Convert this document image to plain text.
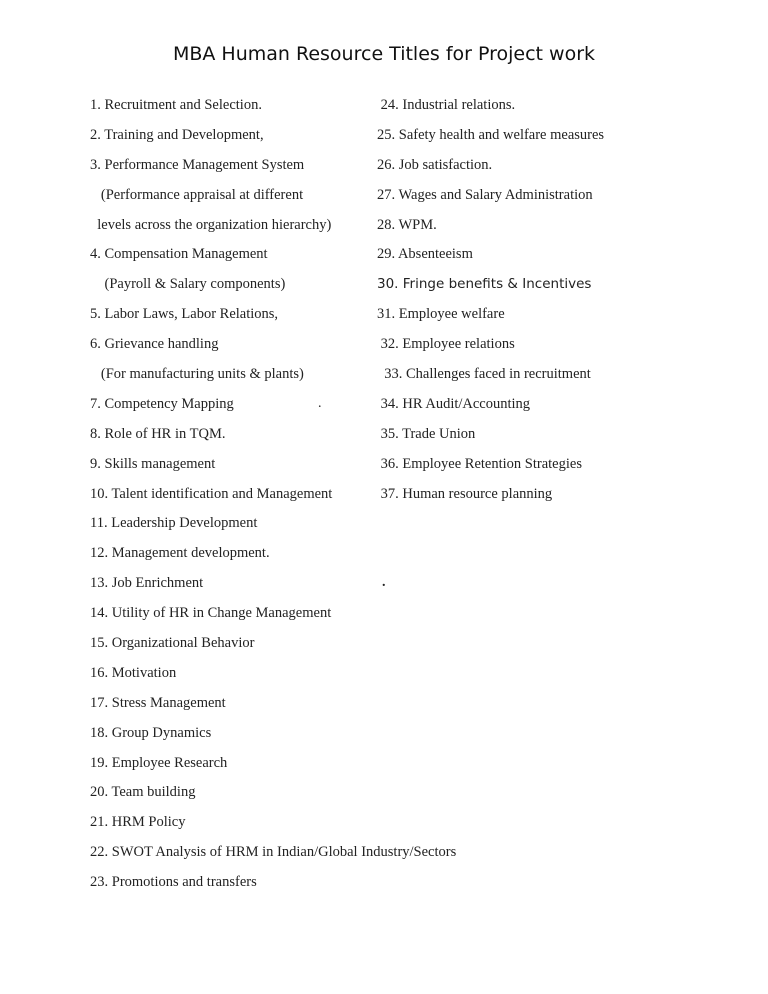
MBA Human Resource Titles for Project work
1. Recruitment and Selection.
2. Training and Development,
3. Performance Management System
(Performance appraisal at different
levels across the organization hierarchy)
4. Compensation Management
(Payroll & Salary components)
5. Labor Laws, Labor Relations,
6. Grievance handling
(For manufacturing units & plants)
7. Competency Mapping
8. Role of HR in TQM.
9. Skills management
10. Talent identification and Management
11. Leadership Development
12. Management development.
13. Job Enrichment
14. Utility of HR in Change Management
15. Organizational Behavior
16. Motivation
17. Stress Management
18. Group Dynamics
19. Employee Research
20. Team building
21. HRM Policy
22. SWOT Analysis of HRM in Indian/Global Industry/Sectors
23. Promotions and transfers
24. Industrial relations.
25. Safety health and welfare measures
26. Job satisfaction.
27. Wages and Salary Administration
28. WPM.
29. Absenteeism
30. Fringe benefits & Incentives
31. Employee welfare
32. Employee relations
33. Challenges faced in recruitment
34. HR Audit/Accounting
35. Trade Union
36. Employee Retention Strategies
37. Human resource planning
.
.
